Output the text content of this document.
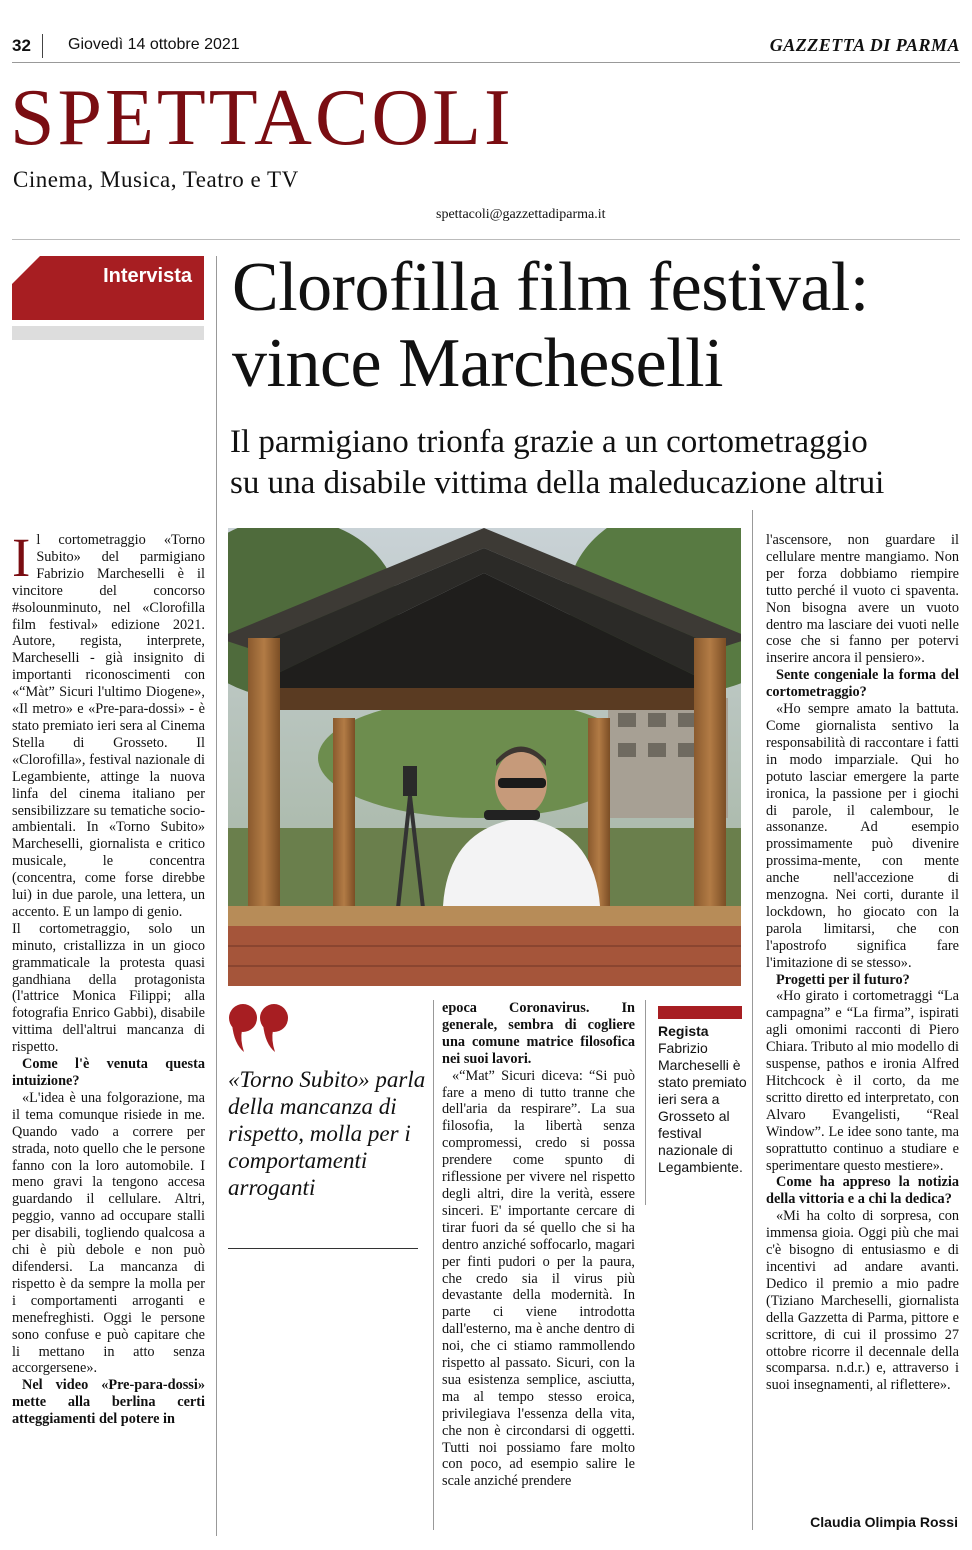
32 Giovedì 14 ottobre 2021	GAZZETTA DI PARMA
SPETTACOLI
Cinema, Musica, Teatro e TV
spettacoli@gazzettadiparma.it
Intervista Clorofilla film festival:
vince Marcheselli
Il parmigiano trionfa grazie a un cortometraggio
su una disabile vittima della maleducazione altrui

I l cortometraggio «Torno Subito» del parmigiano Fabrizio Marcheselli è il vincitore del concorso #solounminuto, nel «Clorofilla film festival» edizione 2021. Autore, regista, interprete, Marcheselli - già insignito di importanti riconoscimenti con «“Màt” Sicuri l'ultimo Diogene», «Il metro» e «Pre-para-dossi» - è stato premiato ieri sera al Cinema Stella di Grosseto. Il «Clorofilla», festival nazionale di Legambiente, attinge la nuova linfa del cinema italiano per sensibilizzare su tematiche socio-ambientali. In «Torno Subito» Marcheselli, giornalista e critico musicale, le concentra (concentra, come forse direbbe lui) in due parole, una lettera, un accento. E un lampo di genio.

Il cortometraggio, solo un minuto, cristallizza in un gioco grammaticale la protesta quasi gandhiana della protagonista (l'attrice Monica Filippi; alla fotografia Enrico Gabbi), disabile vittima dell'altrui mancanza di rispetto.

Come l'è venuta questa intuizione?

«L'idea è una folgorazione, ma il tema comunque risiede in me. Quando vado a correre per strada, noto quello che le persone fanno con la loro automobile. I meno gravi la tengono accesa guardando il cellulare. Altri, peggio, vanno ad occupare stalli per disabili, togliendo qualcosa a chi è più debole e non può difendersi. La mancanza di rispetto è da sempre la molla per i comportamenti arroganti e menefreghisti. Oggi le persone sono confuse e può capitare che li mettano in atto senza accorgersene».

Nel video «Pre-para-dossi» mette alla berlina certi atteggiamenti del potere in

«Torno Subito» parla della mancanza di rispetto, molla per i comportamenti arroganti

epoca Coronavirus. In generale, sembra di cogliere una comune matrice filosofica nei suoi lavori.

«“Mat” Sicuri diceva: “Si può fare a meno di tutto tranne che dell'aria da respirare”. La sua filosofia, la libertà senza compromessi, credo si possa prendere come spunto di riflessione per vivere nel rispetto degli altri, dire la verità, essere sinceri. E' importante cercare di tirar fuori da sé quello che si ha dentro anziché soffocarlo, magari per finti pudori o per la paura, che credo sia il virus più devastante della modernità. In parte ci viene introdotta dall'esterno, ma è anche dentro di noi, che ci stiamo rammollendo rispetto al passato. Sicuri, con la sua esistenza semplice, asciutta, ma al tempo stesso eroica, privilegiava l'essenza della vita, che non è circondarsi di oggetti. Tutti noi possiamo fare molto con poco, ad esempio salire le scale anziché prendere

Regista
Fabrizio Marcheselli è stato premiato ieri sera a Grosseto al festival nazionale di Legambiente.

l'ascensore, non guardare il cellulare mentre mangiamo. Non per forza dobbiamo riempire tutto perché il vuoto ci spaventa. Non bisogna avere un vuoto dentro ma lasciare dei vuoti nelle cose che si fanno per potervi inserire ancora il pensiero».

Sente congeniale la forma del cortometraggio?

«Ho sempre amato la battuta. Come giornalista sentivo la responsabilità di raccontare i fatti in modo imparziale. Qui ho potuto lasciar emergere la parte ironica, la passione per i giochi di parole, il calembour, le assonanze. Ad esempio prossimamente può divenire prossima-mente, con mente anche nell'accezione di menzogna. Nei corti, durante il lockdown, ho giocato con la parola limitarsi, che con l'apostrofo significa fare l'imitazione di se stesso».

Progetti per il futuro?

«Ho girato i cortometraggi “La campagna” e “La firma”, ispirati agli omonimi racconti di Piero Chiara. Tributo al mio modello di suspense, pathos e ironia Alfred Hitchcock è il corto, da me scritto diretto ed interpretato, con Alvaro Evangelisti, “Real Window”. Le idee sono tante, ma soprattutto continuo a studiare e sperimentare questo mestiere».

Come ha appreso la notizia della vittoria e a chi la dedica?

«Mi ha colto di sorpresa, con immensa gioia. Oggi più che mai c'è bisogno di entusiasmo e di incentivi ad andare avanti. Dedico il premio a mio padre (Tiziano Marcheselli, giornalista della Gazzetta di Parma, pittore e scrittore, di cui il prossimo 27 ottobre ricorre il decennale della scomparsa. n.d.r.) e, attraverso i suoi insegnamenti, al riflettere».

Claudia Olimpia Rossi
